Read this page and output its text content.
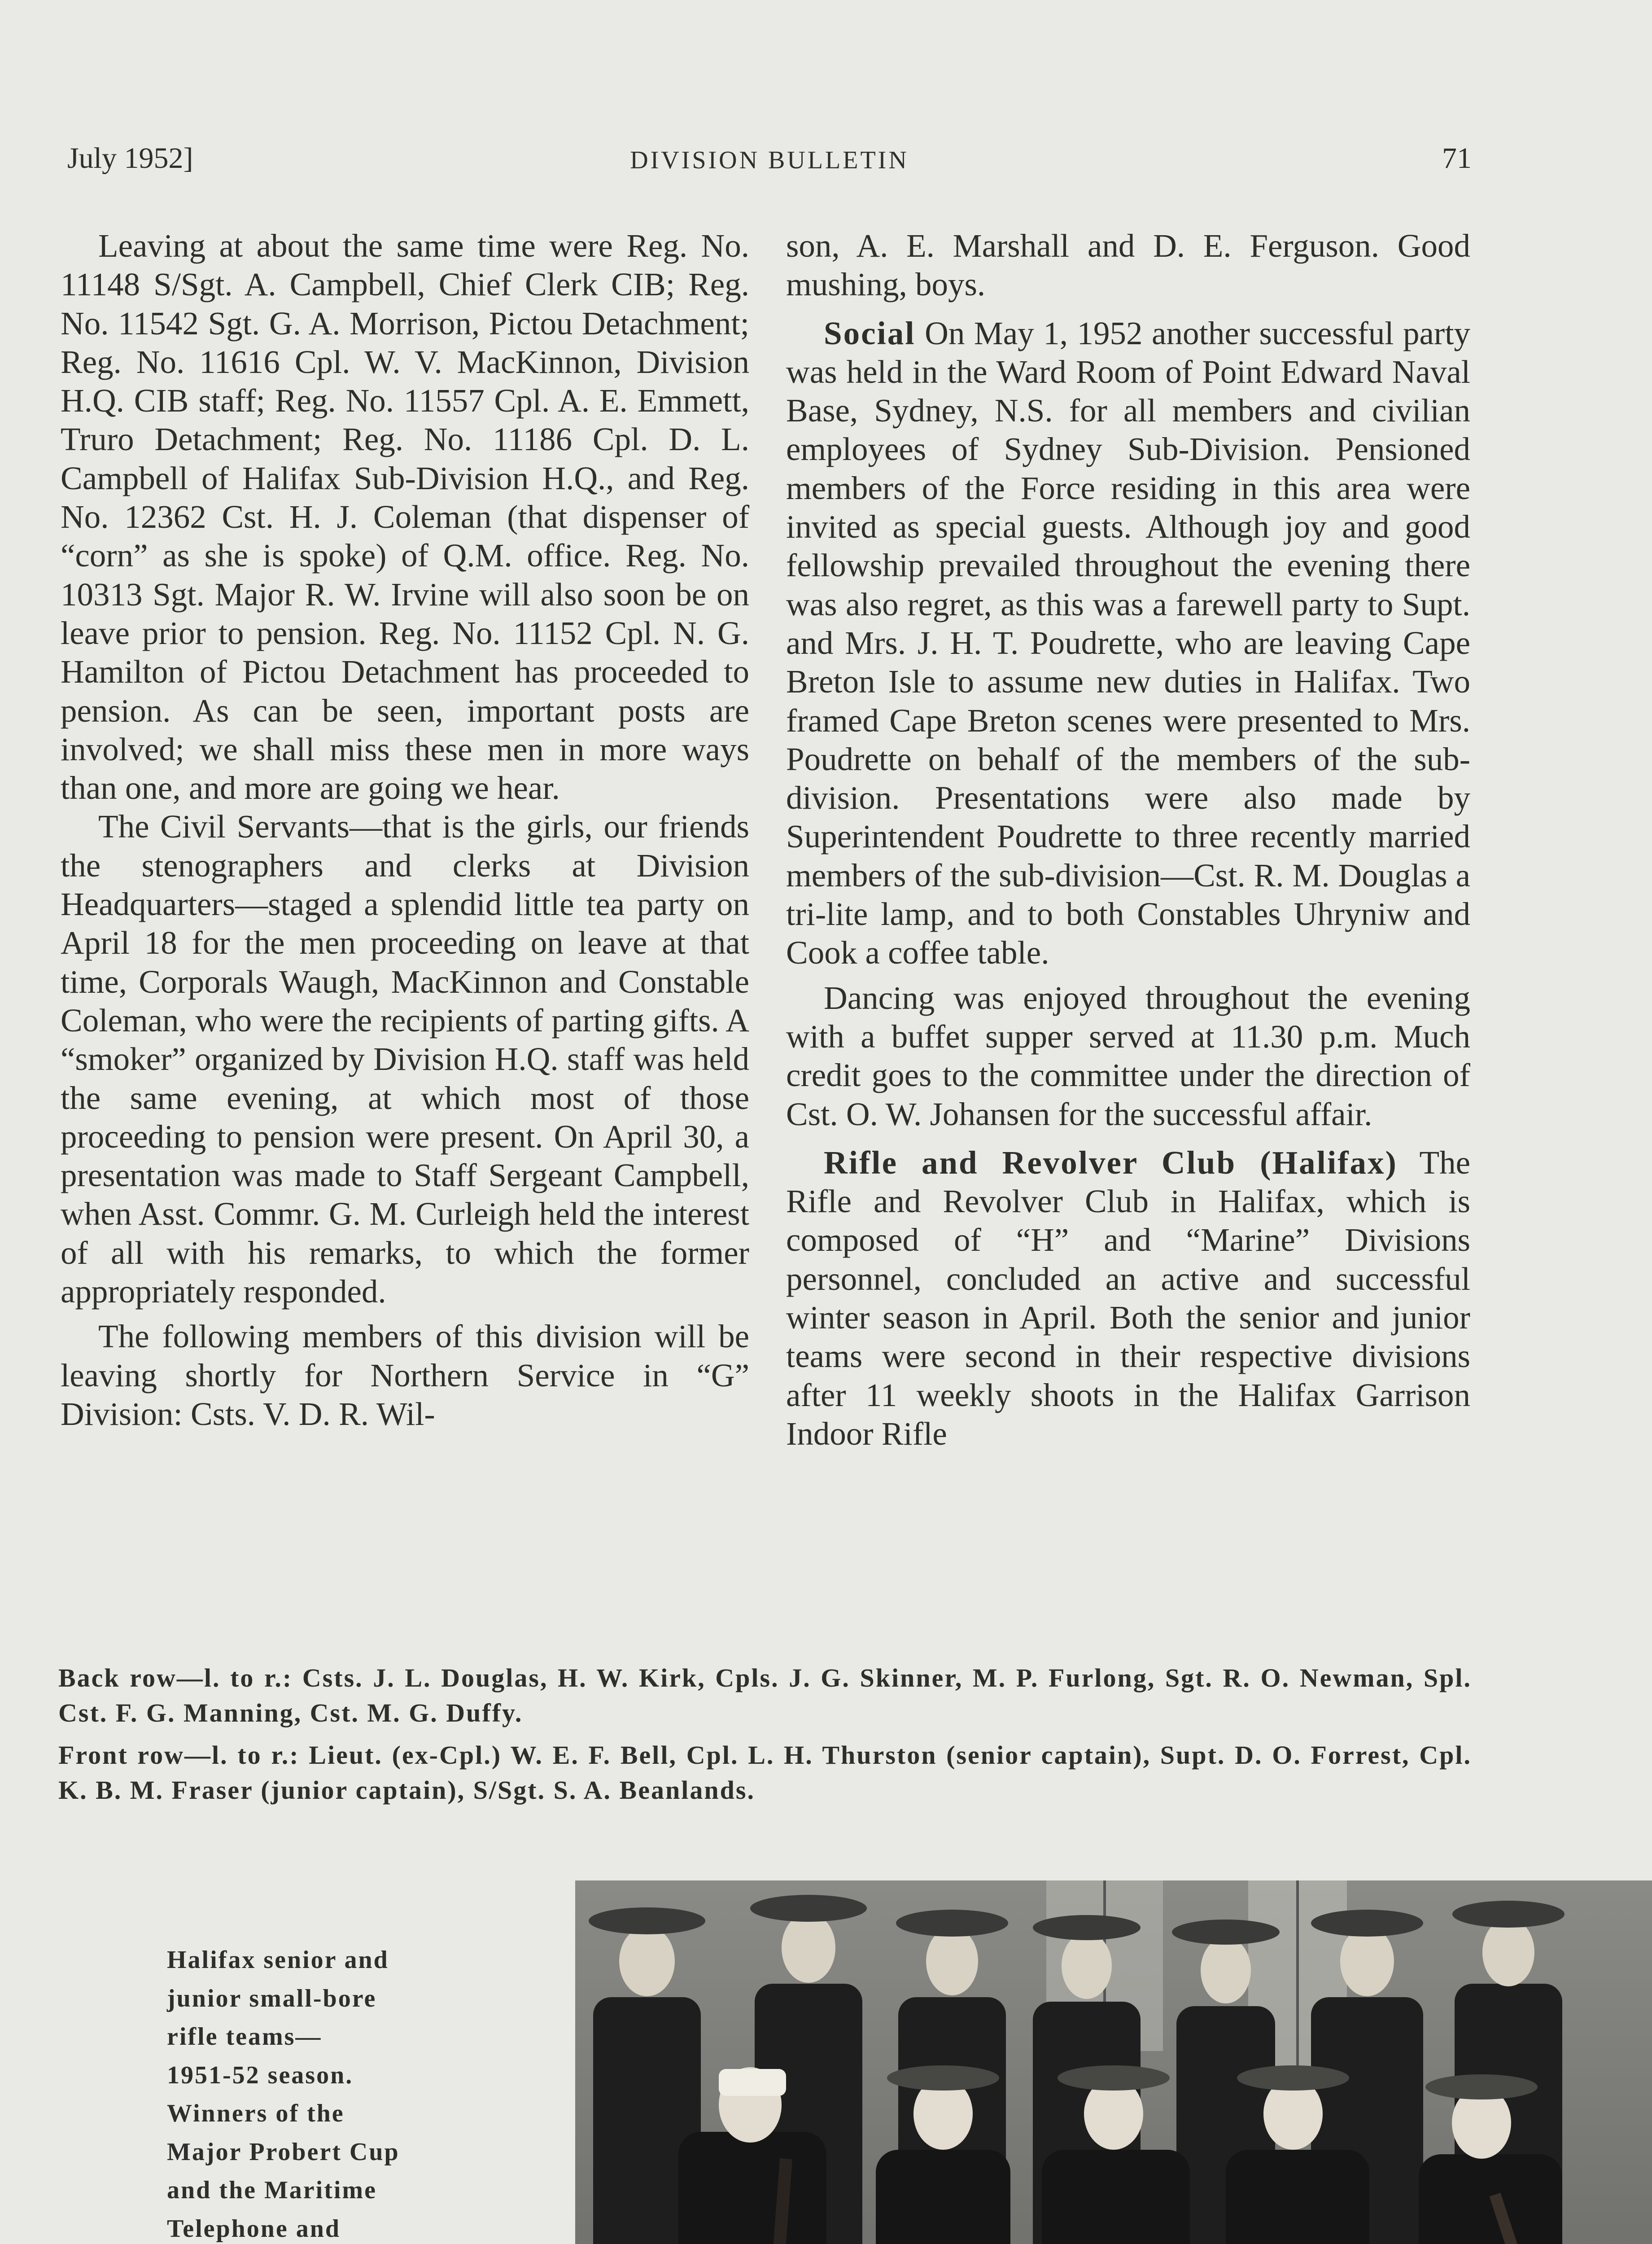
July 1952]	DIVISION BULLETIN	71

Leaving at about the same time were Reg. No. 11148 S/Sgt. A. Campbell, Chief Clerk CIB; Reg. No. 11542 Sgt. G. A. Morrison, Pictou Detachment; Reg. No. 11616 Cpl. W. V. MacKinnon, Division H.Q. CIB staff; Reg. No. 11557 Cpl. A. E. Emmett, Truro Detachment; Reg. No. 11186 Cpl. D. L. Campbell of Halifax Sub-Division H.Q., and Reg. No. 12362 Cst. H. J. Coleman (that dispenser of “corn” as she is spoke) of Q.M. office. Reg. No. 10313 Sgt. Major R. W. Irvine will also soon be on leave prior to pension. Reg. No. 11152 Cpl. N. G. Hamilton of Pictou Detachment has proceeded to pension. As can be seen, important posts are involved; we shall miss these men in more ways than one, and more are going we hear.

The Civil Servants—that is the girls, our friends the stenographers and clerks at Division Headquarters—staged a splendid little tea party on April 18 for the men proceeding on leave at that time, Corporals Waugh, MacKinnon and Constable Coleman, who were the recipients of parting gifts. A “smoker” organized by Division H.Q. staff was held the same evening, at which most of those proceeding to pension were present. On April 30, a presentation was made to Staff Sergeant Campbell, when Asst. Commr. G. M. Curleigh held the interest of all with his remarks, to which the former appropriately responded.

The following members of this division will be leaving shortly for Northern Service in “G” Division: Csts. V. D. R. Wil-

son, A. E. Marshall and D. E. Ferguson. Good mushing, boys.

Social On May 1, 1952 another successful party was held in the Ward Room of Point Edward Naval Base, Sydney, N.S. for all members and civilian employees of Sydney Sub-Division. Pensioned members of the Force residing in this area were invited as special guests. Although joy and good fellowship prevailed throughout the evening there was also regret, as this was a farewell party to Supt. and Mrs. J. H. T. Poudrette, who are leaving Cape Breton Isle to assume new duties in Halifax. Two framed Cape Breton scenes were presented to Mrs. Poudrette on behalf of the members of the sub-division. Presentations were also made by Superintendent Poudrette to three recently married members of the sub-division—Cst. R. M. Douglas a tri-lite lamp, and to both Constables Uhryniw and Cook a coffee table.

Dancing was enjoyed throughout the evening with a buffet supper served at 11.30 p.m. Much credit goes to the committee under the direction of Cst. O. W. Johansen for the successful affair.

Rifle and Revolver Club (Halifax) The Rifle and Revolver Club in Halifax, which is composed of “H” and “Marine” Divisions personnel, concluded an active and successful winter season in April. Both the senior and junior teams were second in their respective divisions after 11 weekly shoots in the Halifax Garrison Indoor Rifle

Back row—l. to r.: Csts. J. L. Douglas, H. W. Kirk, Cpls. J. G. Skinner, M. P. Furlong, Sgt. R. O. Newman, Spl. Cst. F. G. Manning, Cst. M. G. Duffy.

Front row—l. to r.: Lieut. (ex-Cpl.) W. E. F. Bell, Cpl. L. H. Thurston (senior captain), Supt. D. O. Forrest, Cpl. K. B. M. Fraser (junior captain), S/Sgt. S. A. Beanlands.

Halifax senior and
junior small-bore
rifle teams—
1951-52 season.
Winners of the
Major Probert Cup
and the Maritime
Telephone and
